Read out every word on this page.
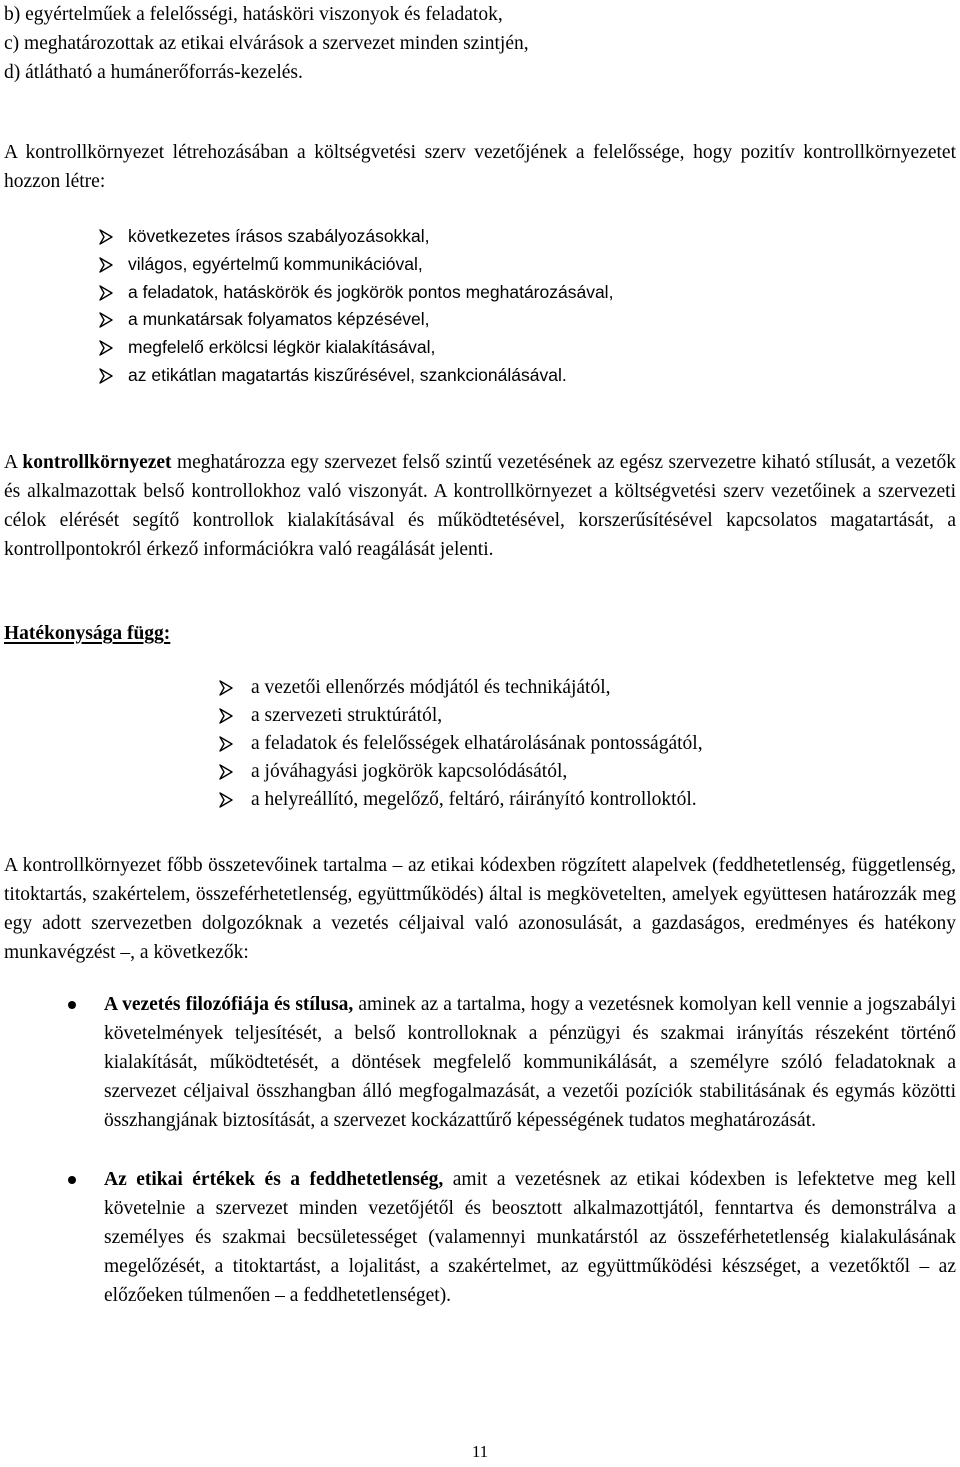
b) egyértelműek a felelősségi, hatásköri viszonyok és feladatok,

c) meghatározottak az etikai elvárások a szervezet minden szintjén,

d) átlátható a humánerőforrás-kezelés.

A kontrollkörnyezet létrehozásában a költségvetési szerv vezetőjének a felelőssége, hogy pozitív kontrollkörnyezetet hozzon létre:

következetes írásos szabályozásokkal,
világos, egyértelmű kommunikációval,
a feladatok, hatáskörök és jogkörök pontos meghatározásával,
a munkatársak folyamatos képzésével,
megfelelő erkölcsi légkör kialakításával,
az etikátlan magatartás kiszűrésével, szankcionálásával.

A kontrollkörnyezet meghatározza egy szervezet felső szintű vezetésének az egész szervezetre kiható stílusát, a vezetők és alkalmazottak belső kontrollokhoz való viszonyát. A kontrollkörnyezet a költségvetési szerv vezetőinek a szervezeti célok elérését segítő kontrollok kialakításával és működtetésével, korszerűsítésével kapcsolatos magatartását, a kontrollpontokról érkező információkra való reagálását jelenti.

Hatékonysága függ:

a vezetői ellenőrzés módjától és technikájától,
a szervezeti struktúrától,
a feladatok és felelősségek elhatárolásának pontosságától,
a jóváhagyási jogkörök kapcsolódásától,
a helyreállító, megelőző, feltáró, ráirányító kontrolloktól.

A kontrollkörnyezet főbb összetevőinek tartalma – az etikai kódexben rögzített alapelvek (feddhetetlenség, függetlenség, titoktartás, szakértelem, összeférhetetlenség, együttműködés) által is megkövetelten, amelyek együttesen határozzák meg egy adott szervezetben dolgozóknak a vezetés céljaival való azonosulását, a gazdaságos, eredményes és hatékony munkavégzést –, a következők:

A vezetés filozófiája és stílusa, aminek az a tartalma, hogy a vezetésnek komolyan kell vennie a jogszabályi követelmények teljesítését, a belső kontrolloknak a pénzügyi és szakmai irányítás részeként történő kialakítását, működtetését, a döntések megfelelő kommunikálását, a személyre szóló feladatoknak a szervezet céljaival összhangban álló megfogalmazását, a vezetői pozíciók stabilitásának és egymás közötti összhangjának biztosítását, a szervezet kockázattűrő képességének tudatos meghatározását.

Az etikai értékek és a feddhetetlenség, amit a vezetésnek az etikai kódexben is lefektetve meg kell követelnie a szervezet minden vezetőjétől és beosztott alkalmazottjától, fenntartva és demonstrálva a személyes és szakmai becsületességet (valamennyi munkatárstól az összeférhetetlenség kialakulásának megelőzését, a titoktartást, a lojalitást, a szakértelmet, az együttműködési készséget, a vezetőktől – az előzőeken túlmenően – a feddhetetlenséget).

11
